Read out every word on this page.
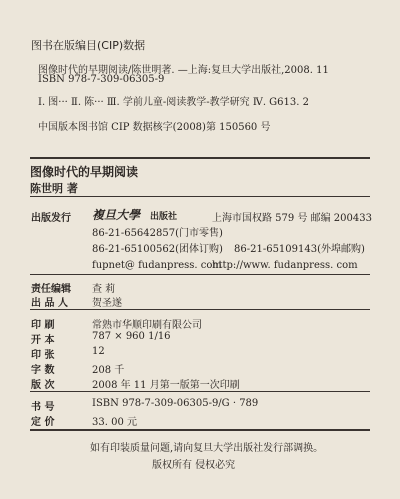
图书在版编目(CIP)数据
图像时代的早期阅读/陈世明著. —上海:复旦大学出版社,2008. 11
ISBN 978-7-309-06305-9
Ⅰ. 图··· Ⅱ. 陈··· Ⅲ. 学前儿童-阅读教学-教学研究 Ⅳ. G613. 2
中国版本图书馆 CIP 数据核字(2008)第 150560 号
图像时代的早期阅读
陈世明 著
出版发行 複旦大學 出版社	上海市国权路 579 号 邮编 200433
86-21-65642857(门市零售)
86-21-65100562(团体订购) 86-21-65109143(外埠邮购)
fupnet@ fudanpress. com
http://www. fudanpress. com
责任编辑 查 莉
出 品 人 贺圣遂
印 刷	常熟市华顺印刷有限公司
开 本	787 × 960 1/16
印 张	12
字 数	208 千
版 次	2008 年 11 月第一版第一次印刷
书 号	ISBN 978-7-309-06305-9/G · 789
定 价	33. 00 元
如有印装质量问题,请向复旦大学出版社发行部调换。
版权所有 侵权必究
